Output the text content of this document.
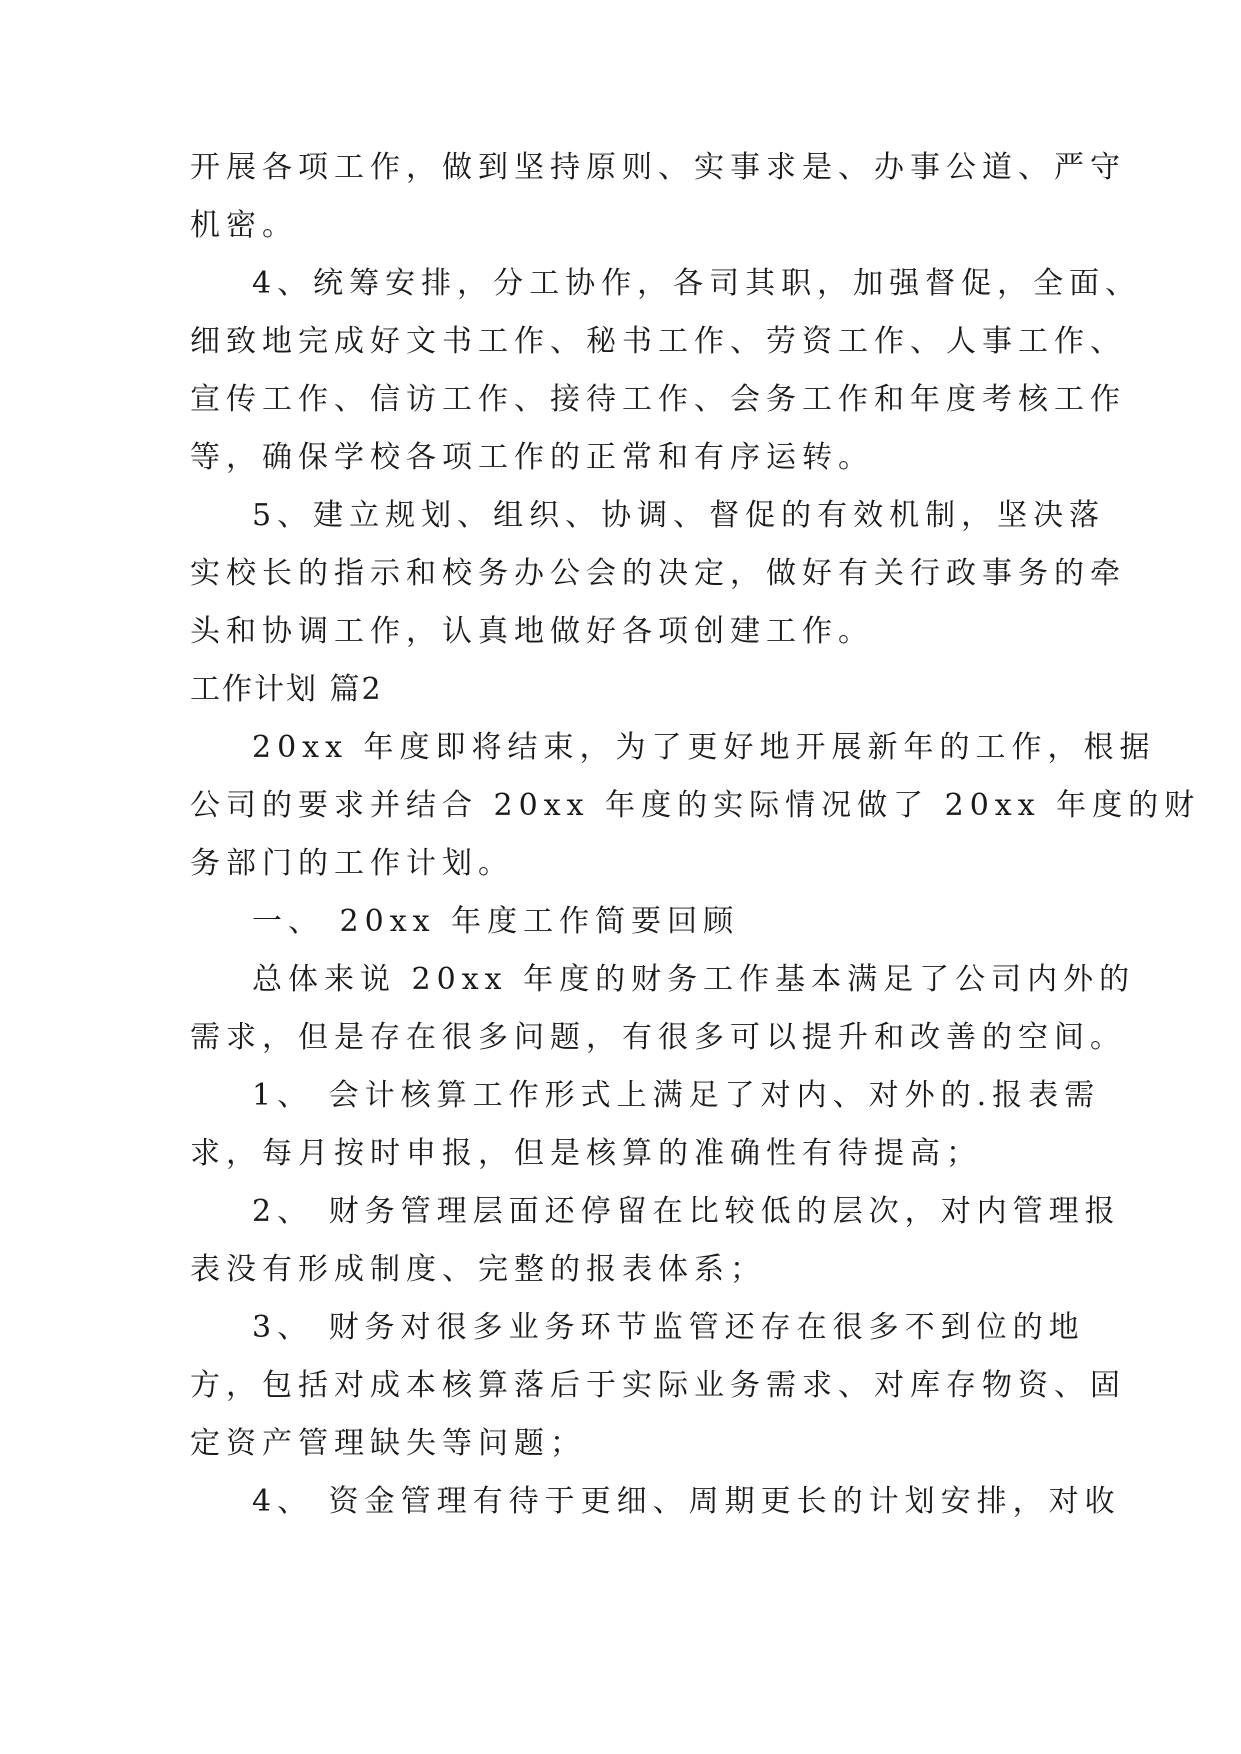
开展各项工作，做到坚持原则、实事求是、办事公道、严守
机密。
4、统筹安排，分工协作，各司其职，加强督促，全面、
细致地完成好文书工作、秘书工作、劳资工作、人事工作、
宣传工作、信访工作、接待工作、会务工作和年度考核工作
等，确保学校各项工作的正常和有序运转。
5、建立规划、组织、协调、督促的有效机制，坚决落
实校长的指示和校务办公会的决定，做好有关行政事务的牵
头和协调工作，认真地做好各项创建工作。
工作计划 篇2
20xx 年度即将结束，为了更好地开展新年的工作，根据
公司的要求并结合 20xx 年度的实际情况做了 20xx 年度的财
务部门的工作计划。
一、 20xx 年度工作简要回顾
总体来说 20xx 年度的财务工作基本满足了公司内外的
需求，但是存在很多问题，有很多可以提升和改善的空间。
1、 会计核算工作形式上满足了对内、对外的.报表需
求，每月按时申报，但是核算的准确性有待提高；
2、 财务管理层面还停留在比较低的层次，对内管理报
表没有形成制度、完整的报表体系；
3、 财务对很多业务环节监管还存在很多不到位的地
方，包括对成本核算落后于实际业务需求、对库存物资、固
定资产管理缺失等问题；
4、 资金管理有待于更细、周期更长的计划安排，对收
